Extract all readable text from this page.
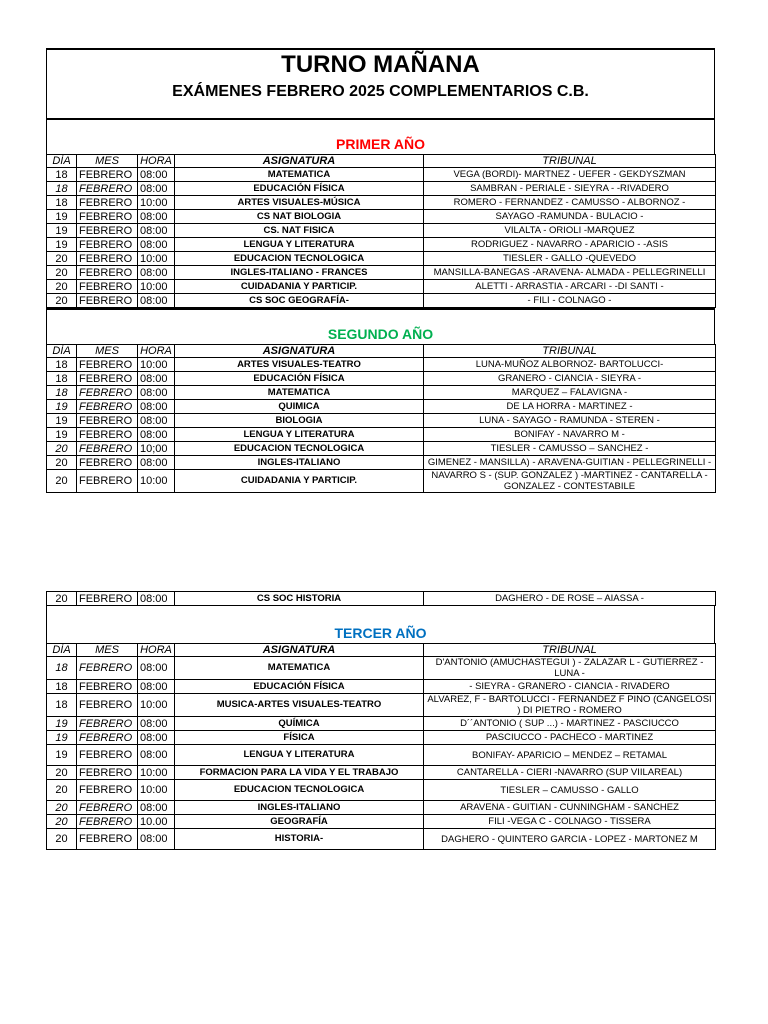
TURNO MAÑANA
EXÁMENES FEBRERO 2025 COMPLEMENTARIOS C.B.
PRIMER AÑO
DÍA	MES	HORA	ASIGNATURA	TRIBUNAL
18	FEBRERO	08:00	MATEMATICA	VEGA (BORDI)- MARTNEZ - UEFER - GEKDYSZMAN
18	FEBRERO	08:00	EDUCACIÓN FÍSICA	SAMBRAN - PERIALE - SIEYRA - -RIVADERO
18	FEBRERO	10:00	ARTES VISUALES-MÚSICA	ROMERO - FERNANDEZ - CAMUSSO - ALBORNOZ -
19	FEBRERO	08:00	CS NAT BIOLOGIA	SAYAGO -RAMUNDA - BULACIO -
19	FEBRERO	08:00	CS. NAT FISICA	VILALTA - ORIOLI -MARQUEZ
19	FEBRERO	08:00	LENGUA Y LITERATURA	RODRIGUEZ - NAVARRO - APARICIO - -ASIS
20	FEBRERO	10:00	EDUCACION TECNOLOGICA	TIESLER - GALLO -QUEVEDO
20	FEBRERO	08:00	INGLES-ITALIANO - FRANCES	MANSILLA-BANEGAS -ARAVENA- ALMADA - PELLEGRINELLI
20	FEBRERO	10:00	CUIDADANIA Y PARTICIP.	ALETTI - ARRASTIA - ARCARI - -DI SANTI -
20	FEBRERO	08:00	CS SOC GEOGRAFÍA-	- FILI - COLNAGO -
SEGUNDO AÑO
DÍA	MES	HORA	ASIGNATURA	TRIBUNAL
18	FEBRERO	10:00	ARTES VISUALES-TEATRO	LUNA-MUÑOZ ALBORNOZ- BARTOLUCCI-
18	FEBRERO	08:00	EDUCACIÓN FÍSICA	GRANERO - CIANCIA - SIEYRA -
18	FEBRERO	08:00	MATEMATICA	MARQUEZ – FALAVIGNA -
19	FEBRERO	08:00	QUIMICA	DE LA HORRA - MARTINEZ -
19	FEBRERO	08:00	BIOLOGIA	LUNA - SAYAGO - RAMUNDA - STEREN -
19	FEBRERO	08:00	LENGUA Y LITERATURA	BONIFAY - NAVARRO M -
20	FEBRERO	10;00	EDUCACION TECNOLOGICA	TIESLER - CAMUSSO – SANCHEZ -
20	FEBRERO	08:00	INGLES-ITALIANO	GIMENEZ - MANSILLA) - ARAVENA-GUITIAN - PELLEGRINELLI -
20	FEBRERO	10:00	CUIDADANIA Y PARTICIP.	NAVARRO S - (SUP. GONZALEZ ) -MARTINEZ - CANTARELLA - GONZALEZ - CONTESTABILE
20	FEBRERO	08:00	CS SOC HISTORIA	DAGHERO - DE ROSE – AIASSA -
TERCER AÑO
DÍA	MES	HORA	ASIGNATURA	TRIBUNAL
18	FEBRERO	08:00	MATEMATICA	D'ANTONIO (AMUCHASTEGUI ) - ZALAZAR L - GUTIERREZ - LUNA -
18	FEBRERO	08:00	EDUCACIÓN FÍSICA	- SIEYRA - GRANERO - CIANCIA - RIVADERO
18	FEBRERO	10:00	MUSICA-ARTES VISUALES-TEATRO	ALVAREZ, F - BARTOLUCCI - FERNANDEZ F PINO (CANGELOSI ) DI PIETRO - ROMERO
19	FEBRERO	08:00	QUÍMICA	D´´ANTONIO ( SUP ...) - MARTINEZ - PASCIUCCO
19	FEBRERO	08:00	FÍSICA	PASCIUCCO - PACHECO - MARTINEZ
19	FEBRERO	08:00	LENGUA Y LITERATURA	BONIFAY- APARICIO – MENDEZ – RETAMAL
20	FEBRERO	10:00	FORMACION PARA LA VIDA Y EL TRABAJO	CANTARELLA - CIERI -NAVARRO (SUP VIILAREAL)
20	FEBRERO	10:00	EDUCACION TECNOLOGICA	TIESLER – CAMUSSO - GALLO
20	FEBRERO	08:00	INGLES-ITALIANO	ARAVENA - GUITIAN - CUNNINGHAM - SANCHEZ
20	FEBRERO	10.00	GEOGRAFÍA	FILI -VEGA C - COLNAGO - TISSERA
20	FEBRERO	08:00	HISTORIA-	DAGHERO - QUINTERO GARCIA - LOPEZ - MARTONEZ M
